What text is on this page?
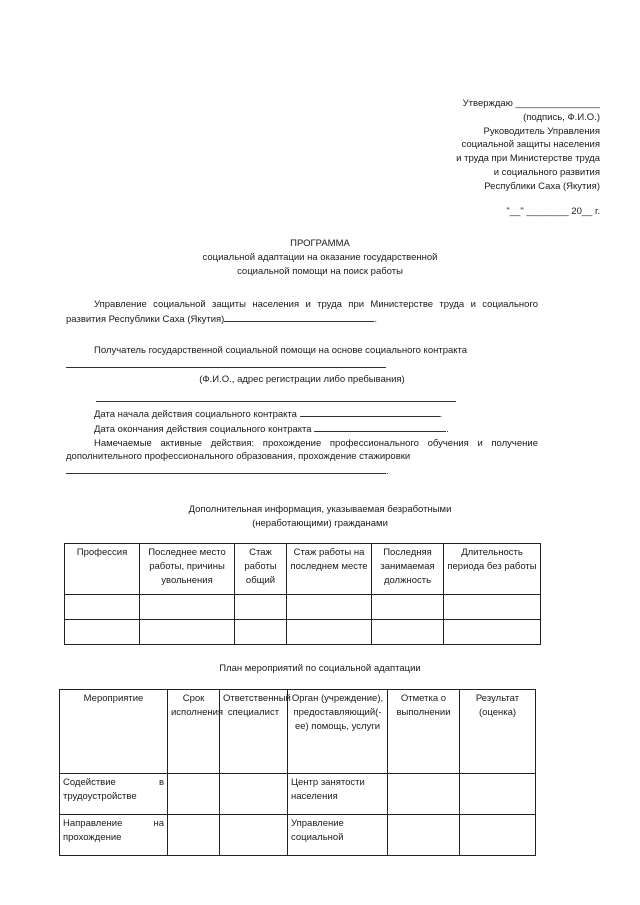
Утверждаю ________________
(подпись, Ф.И.О.)
Руководитель Управления
социальной защиты населения
и труда при Министерстве труда
и социального развития
Республики Саха (Якутия)
"__" ________ 20__ г.
ПРОГРАММА
социальной адаптации на оказание государственной
социальной помощи на поиск работы
Управление социальной защиты населения и труда при Министерстве труда и социального развития Республики Саха (Якутия)	.
Получатель государственной социальной помощи на основе социального контракта
(Ф.И.О., адрес регистрации либо пребывания)
Дата начала действия социального контракта	.
Дата окончания действия социального контракта	.
Намечаемые активные действия: прохождение профессионального обучения и получение дополнительного профессионального образования, прохождение стажировки
.
Дополнительная информация, указываемая безработными
(неработающими) гражданами
Профессия	Последнее место работы, причины увольнения	Стаж работы общий	Стаж работы на последнем месте	Последняя занимаемая должность	Длительность периода без работы

План мероприятий по социальной адаптации
Мероприятие	Срок исполнения	Ответственный специалист	Орган (учреждение), предоставляющий(-ее) помощь, услуги	Отметка о выполнении	Результат (оценка)
Содействие в трудоустройстве			Центр занятости населения		
Направление на прохождение			Управление социальной		
